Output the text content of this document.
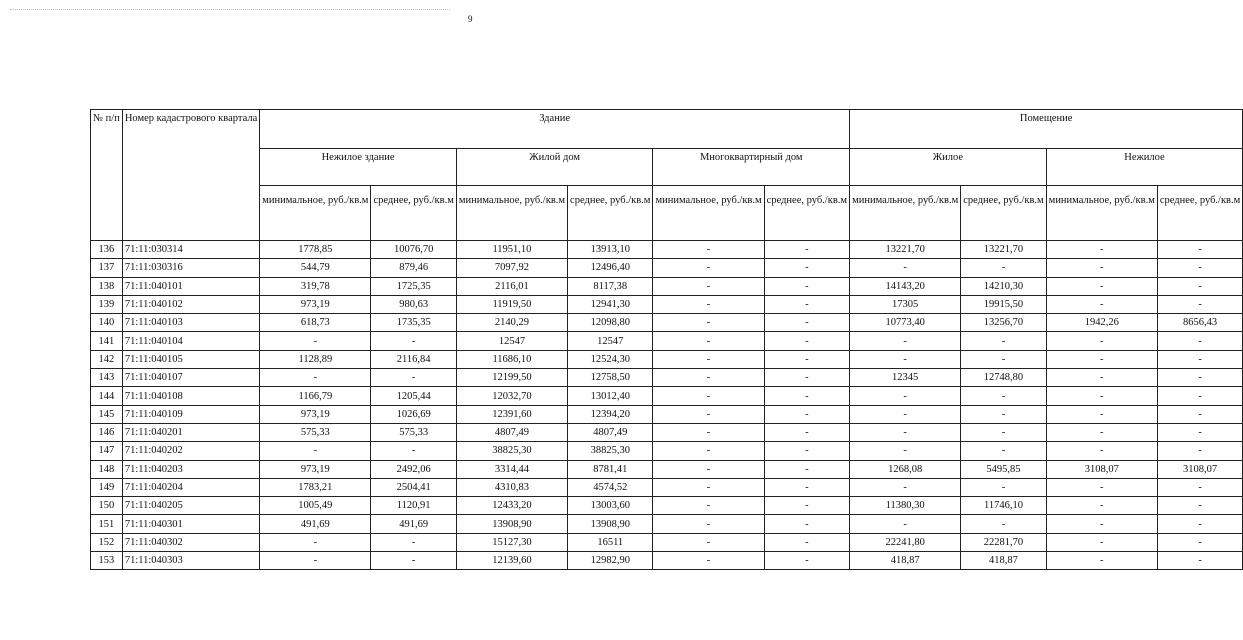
9
№ п/п	Номер кадастрового квартала	Здание						Помещение			
		Нежилое здание		Жилой дом		Многоквартирный дом		Жилое		Нежилое	
		минимальное, руб./кв.м	среднее, руб./кв.м	минимальное, руб./кв.м	среднее, руб./кв.м	минимальное, руб./кв.м	среднее, руб./кв.м	минимальное, руб./кв.м	среднее, руб./кв.м	минимальное, руб./кв.м	среднее, руб./кв.м
136	71:11:030314	1778,85	10076,70	11951,10	13913,10	-	-	13221,70	13221,70	-	-
137	71:11:030316	544,79	879,46	7097,92	12496,40	-	-	-	-	-	-
138	71:11:040101	319,78	1725,35	2116,01	8117,38	-	-	14143,20	14210,30	-	-
139	71:11:040102	973,19	980,63	11919,50	12941,30	-	-	17305	19915,50	-	-
140	71:11:040103	618,73	1735,35	2140,29	12098,80	-	-	10773,40	13256,70	1942,26	8656,43
141	71:11:040104	-	-	12547	12547	-	-	-	-	-	-
142	71:11:040105	1128,89	2116,84	11686,10	12524,30	-	-	-	-	-	-
143	71:11:040107	-	-	12199,50	12758,50	-	-	12345	12748,80	-	-
144	71:11:040108	1166,79	1205,44	12032,70	13012,40	-	-	-	-	-	-
145	71:11:040109	973,19	1026,69	12391,60	12394,20	-	-	-	-	-	-
146	71:11:040201	575,33	575,33	4807,49	4807,49	-	-	-	-	-	-
147	71:11:040202	-	-	38825,30	38825,30	-	-	-	-	-	-
148	71:11:040203	973,19	2492,06	3314,44	8781,41	-	-	1268,08	5495,85	3108,07	3108,07
149	71:11:040204	1783,21	2504,41	4310,83	4574,52	-	-	-	-	-	-
150	71:11:040205	1005,49	1120,91	12433,20	13003,60	-	-	11380,30	11746,10	-	-
151	71:11:040301	491,69	491,69	13908,90	13908,90	-	-	-	-	-	-
152	71:11:040302	-	-	15127,30	16511	-	-	22241,80	22281,70	-	-
153	71:11:040303	-	-	12139,60	12982,90	-	-	418,87	418,87	-	-
